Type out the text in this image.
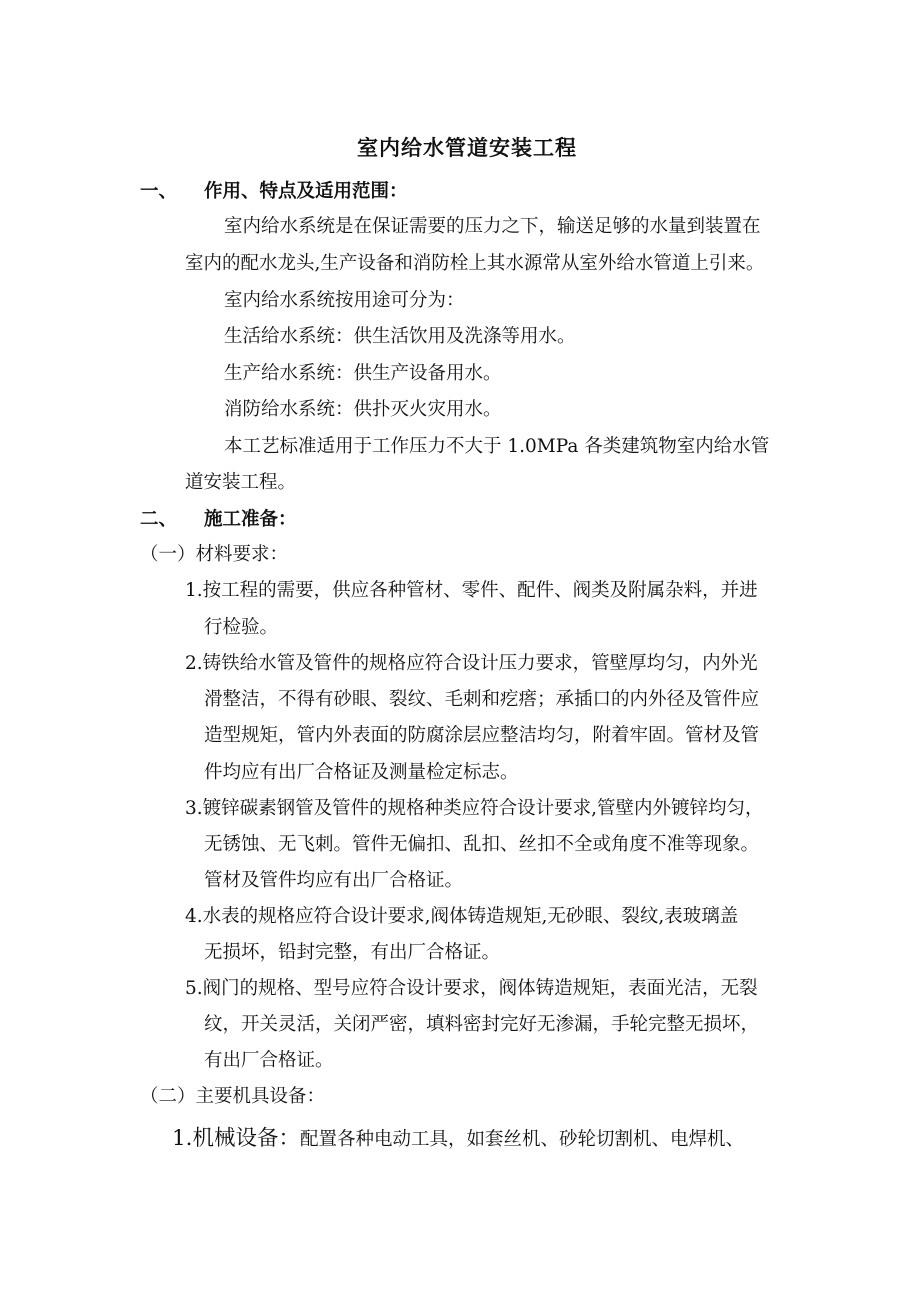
室内给水管道安装工程
一、 作用、特点及适用范围：
室内给水系统是在保证需要的压力之下，输送足够的水量到装置在
室内的配水龙头,生产设备和消防栓上其水源常从室外给水管道上引来。
室内给水系统按用途可分为：
生活给水系统：供生活饮用及洗涤等用水。
生产给水系统：供生产设备用水。
消防给水系统：供扑灭火灾用水。
本工艺标准适用于工作压力不大于 1.0MPa 各类建筑物室内给水管
道安装工程。
二、 施工准备：
（一）材料要求：
1.按工程的需要，供应各种管材、零件、配件、阀类及附属杂料，并进
行检验。
2.铸铁给水管及管件的规格应符合设计压力要求，管壁厚均匀，内外光
滑整洁，不得有砂眼、裂纹、毛刺和疙瘩；承插口的内外径及管件应
造型规矩，管内外表面的防腐涂层应整洁均匀，附着牢固。管材及管
件均应有出厂合格证及测量检定标志。
3.镀锌碳素钢管及管件的规格种类应符合设计要求,管壁内外镀锌均匀，
无锈蚀、无飞刺。管件无偏扣、乱扣、丝扣不全或角度不准等现象。
管材及管件均应有出厂合格证。
4.水表的规格应符合设计要求,阀体铸造规矩,无砂眼、裂纹,表玻璃盖
无损坏，铅封完整，有出厂合格证。
5.阀门的规格、型号应符合设计要求，阀体铸造规矩，表面光洁，无裂
纹，开关灵活，关闭严密，填料密封完好无渗漏，手轮完整无损坏，
有出厂合格证。
（二）主要机具设备：
1.机械设备：配置各种电动工具，如套丝机、砂轮切割机、电焊机、
